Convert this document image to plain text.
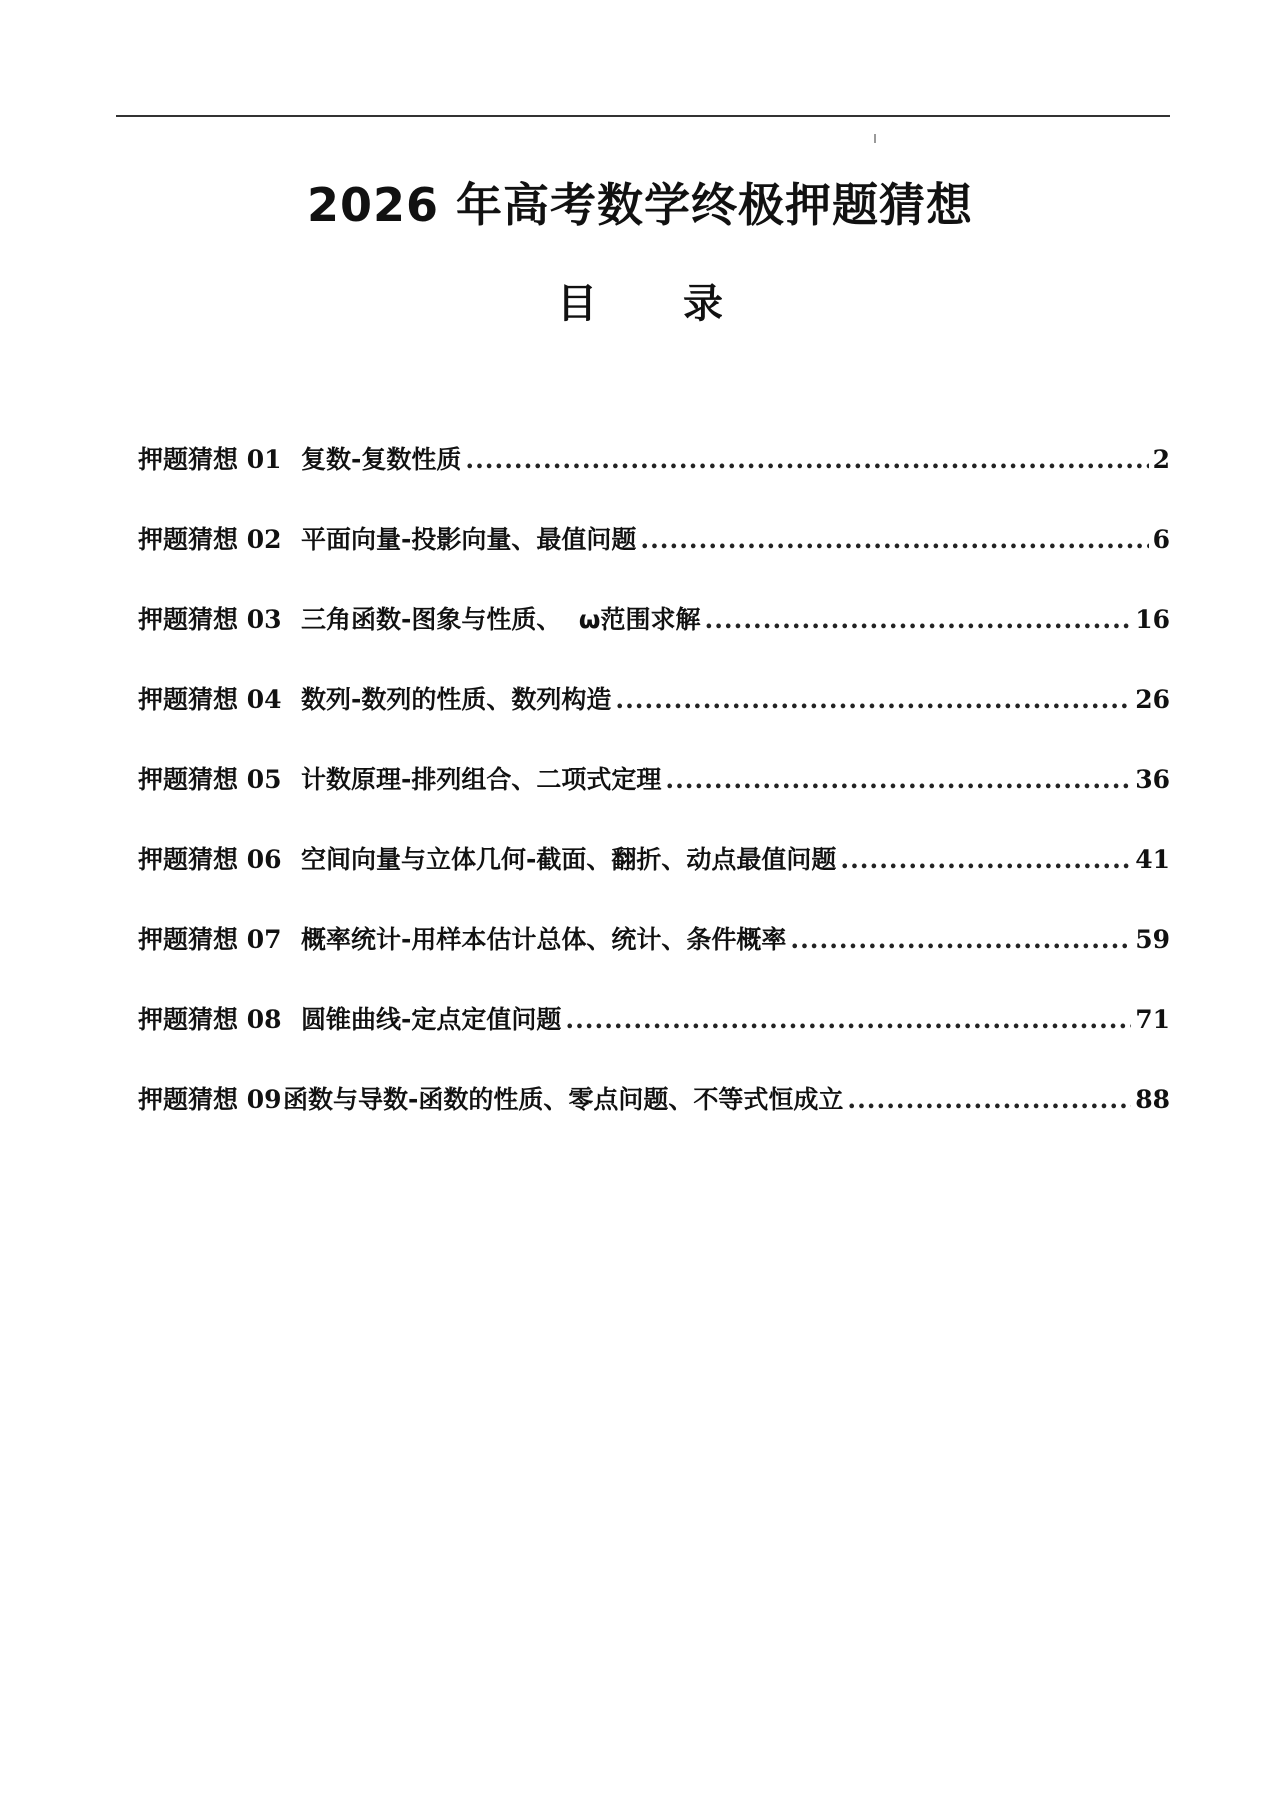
2026 年高考数学终极押题猜想
目 录
押题猜想 01 复数-复数性质 .....	2
押题猜想 02 平面向量-投影向量、最值问题 .....	6
押题猜想 03 三角函数-图象与性质、  ω范围求解 .....	16
押题猜想 04 数列-数列的性质、数列构造 .....	26
押题猜想 05 计数原理-排列组合、二项式定理 .....	36
押题猜想 06 空间向量与立体几何-截面、翻折、动点最值问题 .....	41
押题猜想 07 概率统计-用样本估计总体、统计、条件概率 .....	59
押题猜想 08 圆锥曲线-定点定值问题 .....	71
押题猜想 09 函数与导数-函数的性质、零点问题、不等式恒成立 .....	88
